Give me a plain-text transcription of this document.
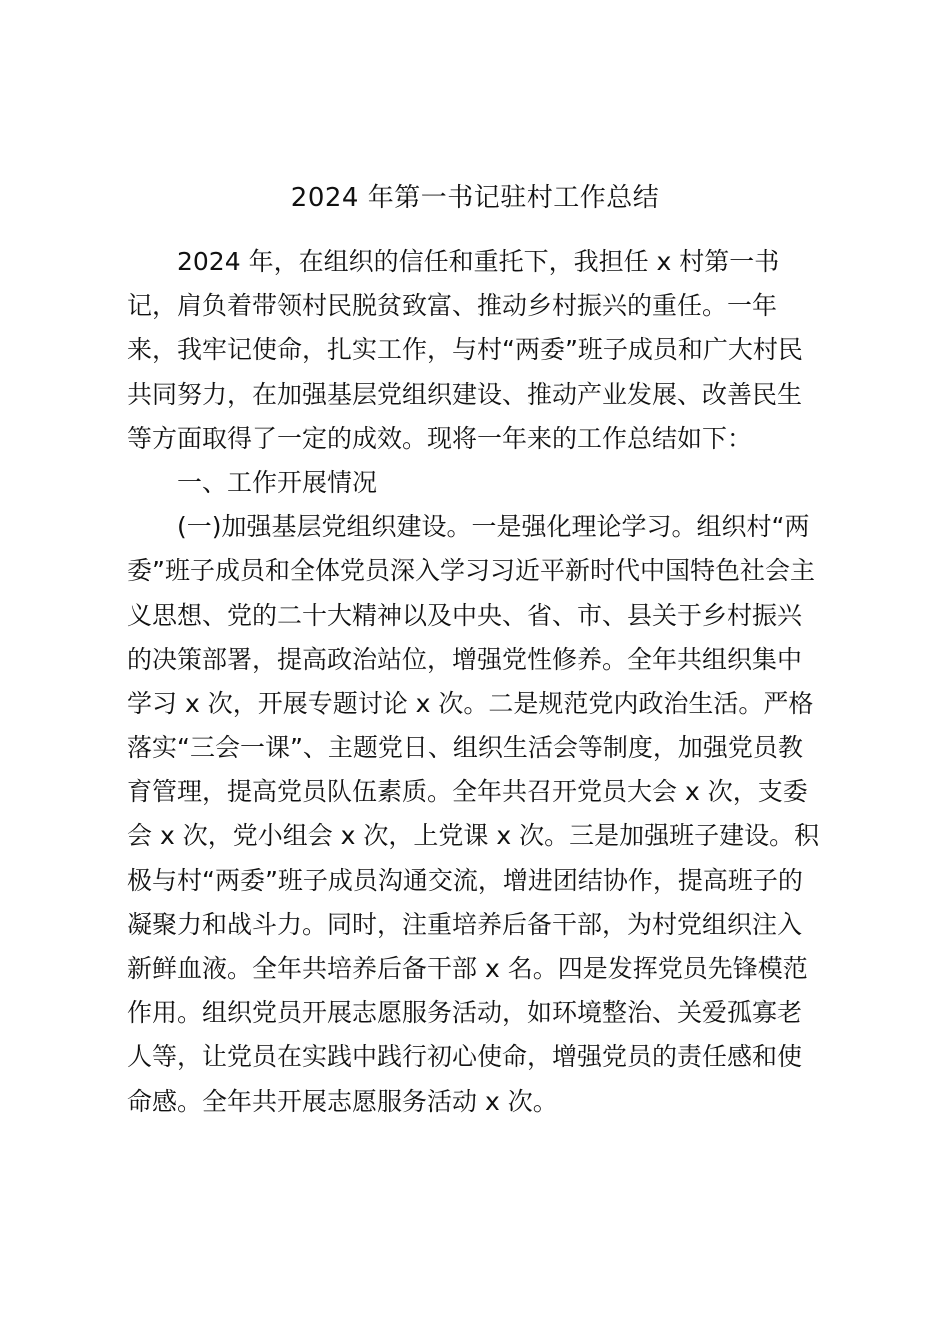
2024 年第一书记驻村工作总结
2024 年，在组织的信任和重托下，我担任 x 村第一书
记，肩负着带领村民脱贫致富、推动乡村振兴的重任。一年
来，我牢记使命，扎实工作，与村“两委”班子成员和广大村民
共同努力，在加强基层党组织建设、推动产业发展、改善民生
等方面取得了一定的成效。现将一年来的工作总结如下：
一、工作开展情况
(一)加强基层党组织建设。一是强化理论学习。组织村“两
委”班子成员和全体党员深入学习习近平新时代中国特色社会主
义思想、党的二十大精神以及中央、省、市、县关于乡村振兴
的决策部署，提高政治站位，增强党性修养。全年共组织集中
学习 x 次，开展专题讨论 x 次。二是规范党内政治生活。严格
落实“三会一课”、主题党日、组织生活会等制度，加强党员教
育管理，提高党员队伍素质。全年共召开党员大会 x 次，支委
会 x 次，党小组会 x 次，上党课 x 次。三是加强班子建设。积
极与村“两委”班子成员沟通交流，增进团结协作，提高班子的
凝聚力和战斗力。同时，注重培养后备干部，为村党组织注入
新鲜血液。全年共培养后备干部 x 名。四是发挥党员先锋模范
作用。组织党员开展志愿服务活动，如环境整治、关爱孤寡老
人等，让党员在实践中践行初心使命，增强党员的责任感和使
命感。全年共开展志愿服务活动 x 次。
